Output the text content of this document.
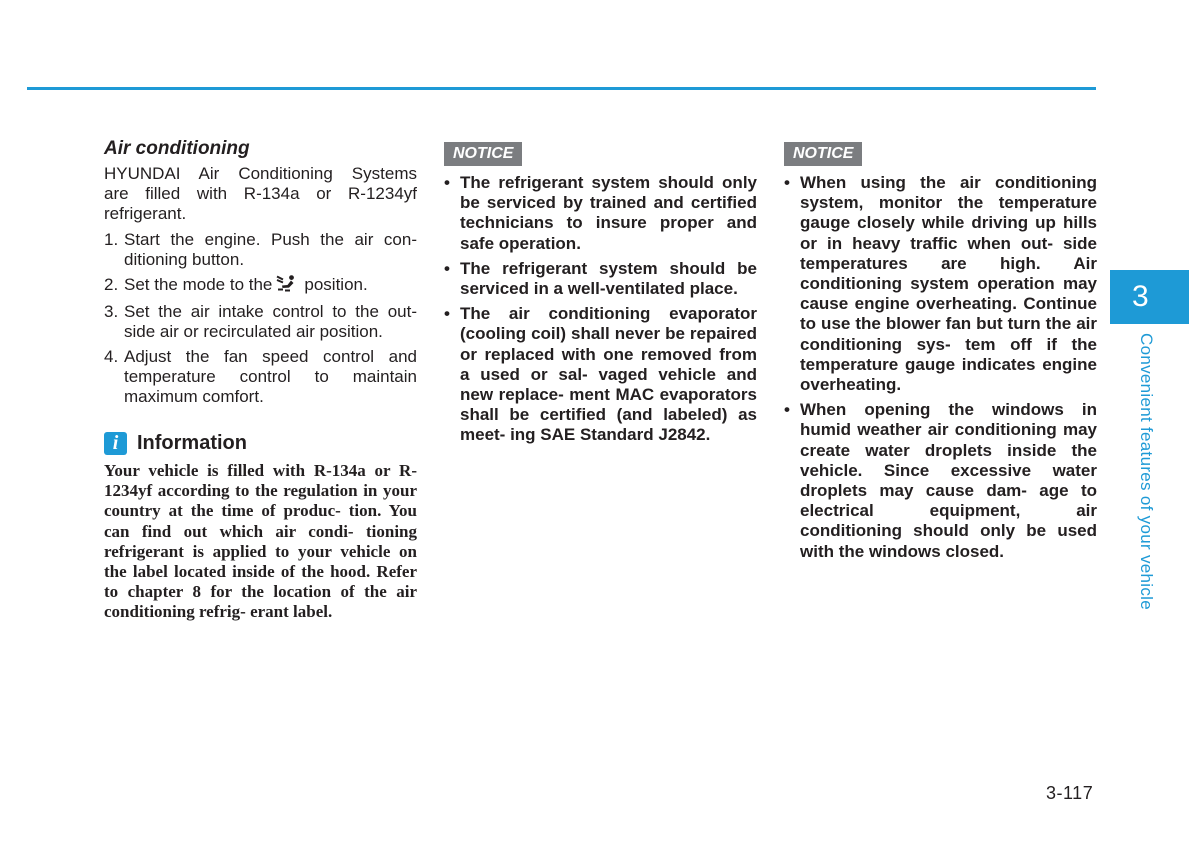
Air conditioning

HYUNDAI Air Conditioning Systems
are filled with R-134a or R-1234yf refrigerant.

1. Start the engine. Push the air con- ditioning button.
2. Set the mode to the position.
3. Set the air intake control to the out- side air or recirculated air position.
4. Adjust the fan speed control and temperature control to maintain maximum comfort.
i Information

Your vehicle is filled with R-134a or R-1234yf according to the regulation in your country at the time of produc- tion. You can find out which air condi- tioning refrigerant is applied to your vehicle on the label located inside of the hood. Refer to chapter 8 for the location of the air conditioning refrig- erant label.

NOTICE
• The refrigerant system should only be serviced by trained and certified technicians to insure proper and safe operation.
• The refrigerant system should be serviced in a well-ventilated place.
• The air conditioning evaporator (cooling coil) shall never be repaired or replaced with one removed from a used or sal- vaged vehicle and new replace- ment MAC evaporators shall be certified (and labeled) as meet- ing SAE Standard J2842.
NOTICE
• When using the air conditioning system, monitor the temperature gauge closely while driving up hills or in heavy traffic when out- side temperatures are high. Air conditioning system operation may cause engine overheating. Continue to use the blower fan but turn the air conditioning sys- tem off if the temperature gauge indicates engine overheating.
• When opening the windows in humid weather air conditioning may create water droplets inside the vehicle. Since excessive water droplets may cause dam- age to electrical equipment, air conditioning should only be used with the windows closed.
3
Convenient features of your vehicle
3-117
